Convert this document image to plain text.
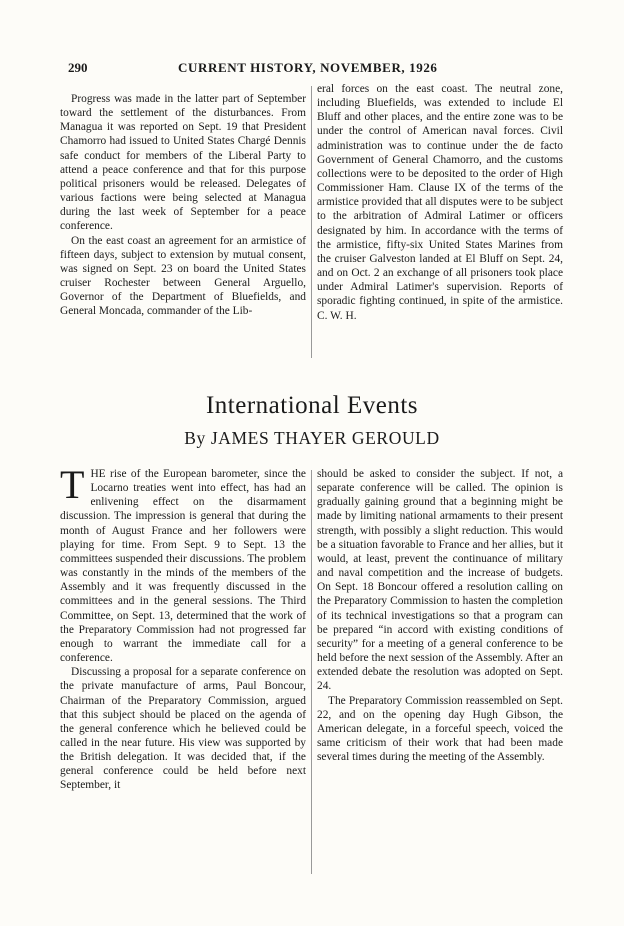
290	CURRENT HISTORY, NOVEMBER, 1926

Progress was made in the latter part of September toward the settlement of the disturbances. From Managua it was reported on Sept. 19 that President Chamorro had issued to United States Chargé Dennis safe conduct for members of the Liberal Party to attend a peace conference and that for this purpose political prisoners would be released. Delegates of various factions were being selected at Managua during the last week of September for a peace conference.

On the east coast an agreement for an armistice of fifteen days, subject to extension by mutual consent, was signed on Sept. 23 on board the United States cruiser Rochester between General Arguello, Governor of the Department of Bluefields, and General Moncada, commander of the Lib-

eral forces on the east coast. The neutral zone, including Bluefields, was extended to include El Bluff and other places, and the entire zone was to be under the control of American naval forces. Civil administration was to continue under the de facto Government of General Chamorro, and the customs collections were to be deposited to the order of High Commissioner Ham. Clause IX of the terms of the armistice provided that all disputes were to be subject to the arbitration of Admiral Latimer or officers designated by him. In accordance with the terms of the armistice, fifty-six United States Marines from the cruiser Galveston landed at El Bluff on Sept. 24, and on Oct. 2 an exchange of all prisoners took place under Admiral Latimer's supervision. Reports of sporadic fighting continued, in spite of the armistice. C. W. H.

International Events
By JAMES THAYER GEROULD

THE rise of the European barometer, since the Locarno treaties went into effect, has had an enlivening effect on the disarmament discussion. The impression is general that during the month of August France and her followers were playing for time. From Sept. 9 to Sept. 13 the committees suspended their discussions. The problem was constantly in the minds of the members of the Assembly and it was frequently discussed in the committees and in the general sessions. The Third Committee, on Sept. 13, determined that the work of the Preparatory Commission had not progressed far enough to warrant the immediate call for a conference.

Discussing a proposal for a separate conference on the private manufacture of arms, Paul Boncour, Chairman of the Preparatory Commission, argued that this subject should be placed on the agenda of the general conference which he believed could be called in the near future. His view was supported by the British delegation. It was decided that, if the general conference could be held before next September, it

should be asked to consider the subject. If not, a separate conference will be called. The opinion is gradually gaining ground that a beginning might be made by limiting national armaments to their present strength, with possibly a slight reduction. This would be a situation favorable to France and her allies, but it would, at least, prevent the continuance of military and naval competition and the increase of budgets. On Sept. 18 Boncour offered a resolution calling on the Preparatory Commission to hasten the completion of its technical investigations so that a program can be prepared “in accord with existing conditions of security” for a meeting of a general conference to be held before the next session of the Assembly. After an extended debate the resolution was adopted on Sept. 24.

The Preparatory Commission reassembled on Sept. 22, and on the opening day Hugh Gibson, the American delegate, in a forceful speech, voiced the same criticism of their work that had been made several times during the meeting of the Assembly.
